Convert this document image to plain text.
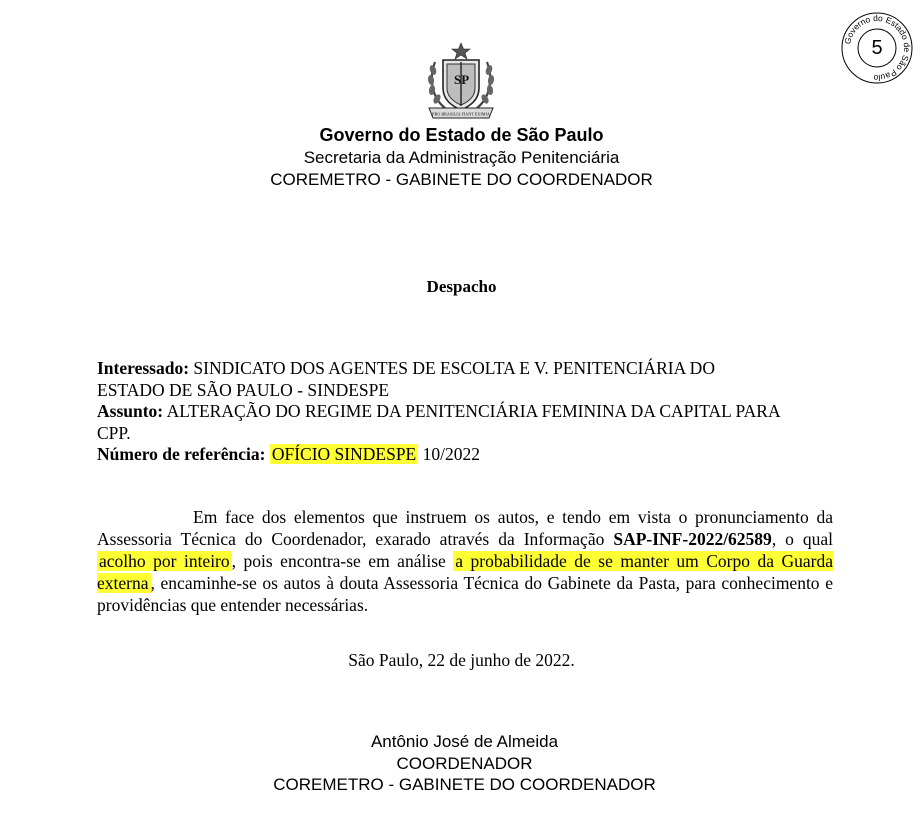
Governo do Estado de São Paulo
5
SP
PRO BRASILIA FIANT EXIMIA
Governo do Estado de São Paulo
Secretaria da Administração Penitenciária
COREMETRO - GABINETE DO COORDENADOR
Despacho
Interessado: SINDICATO DOS AGENTES DE ESCOLTA E V. PENITENCIÁRIA DO
ESTADO DE SÃO PAULO - SINDESPE
Assunto: ALTERAÇÃO DO REGIME DA PENITENCIÁRIA FEMININA DA CAPITAL PARA
CPP.
Número de referência: OFÍCIO SINDESPE 10/2022
Em face dos elementos que instruem os autos, e tendo em vista o pronunciamento da Assessoria Técnica do Coordenador, exarado através da Informação SAP-INF-2022/62589, o qual acolho por inteiro , pois encontra-se em análise a probabilidade de se manter um Corpo da Guarda externa , encaminhe-se os autos à douta Assessoria Técnica do Gabinete da Pasta, para conhecimento e providências que entender necessárias.
São Paulo, 22 de junho de 2022.
Antônio José de Almeida
COORDENADOR
COREMETRO - GABINETE DO COORDENADOR
